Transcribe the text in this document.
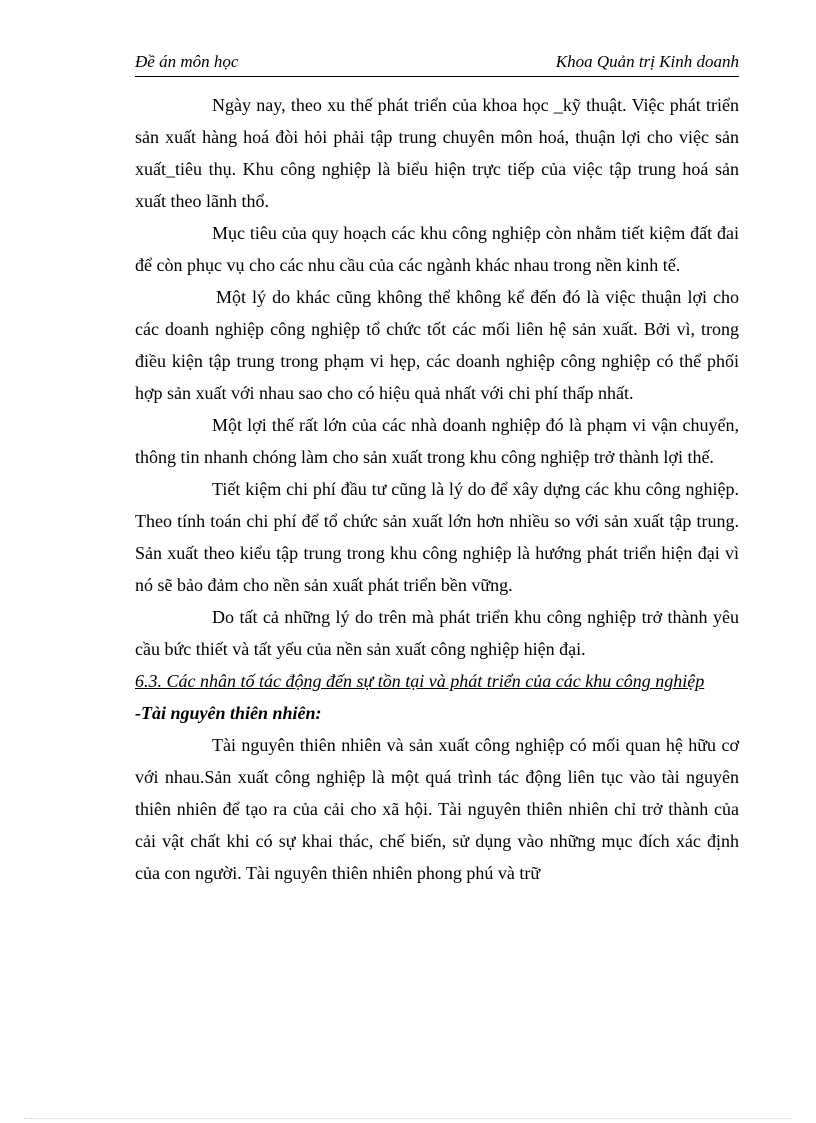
Đề án môn học	Khoa Quản trị Kinh doanh

Ngày nay, theo xu thế phát triển của khoa học _kỹ thuật. Việc phát triển sản xuất hàng hoá đòi hỏi phải tập trung chuyên môn hoá, thuận lợi cho việc sản xuất_tiêu thụ. Khu công nghiệp là biểu hiện trực tiếp của việc tập trung hoá sản xuất theo lãnh thổ.

Mục tiêu của quy hoạch các khu công nghiệp còn nhằm tiết kiệm đất đai để còn phục vụ cho các nhu cầu của các ngành khác nhau trong nền kinh tế.

Một lý do khác cũng không thể không kể đến đó là việc thuận lợi cho các doanh nghiệp công nghiệp tổ chức tốt các mối liên hệ sản xuất. Bởi vì, trong điều kiện tập trung trong phạm vi hẹp, các doanh nghiệp công nghiệp có thể phối hợp sản xuất với nhau sao cho có hiệu quả nhất với chi phí thấp nhất.

Một lợi thế rất lớn của các nhà doanh nghiệp đó là phạm vi vận chuyển, thông tin nhanh chóng làm cho sản xuất trong khu công nghiệp trở thành lợi thế.

Tiết kiệm chi phí đầu tư cũng là lý do để xây dựng các khu công nghiệp. Theo tính toán chi phí để tổ chức sản xuất lớn hơn nhiều so với sản xuất tập trung. Sản xuất theo kiểu tập trung trong khu công nghiệp là hướng phát triển hiện đại vì nó sẽ bảo đảm cho nền sản xuất phát triển bền vững.

Do tất cả những lý do trên mà phát triển khu công nghiệp trở thành yêu cầu bức thiết và tất yếu của nền sản xuất công nghiệp hiện đại.

6.3. Các nhân tố tác động đến sự tồn tại và phát triển của các khu công nghiệp

-Tài nguyên thiên nhiên:

Tài nguyên thiên nhiên và sản xuất công nghiệp có mối quan hệ hữu cơ với nhau.Sản xuất công nghiệp là một quá trình tác động liên tục vào tài nguyên thiên nhiên để tạo ra của cải cho xã hội. Tài nguyên thiên nhiên chỉ trở thành của cải vật chất khi có sự khai thác, chế biến, sử dụng vào những mục đích xác định của con người. Tài nguyên thiên nhiên phong phú và trữ
